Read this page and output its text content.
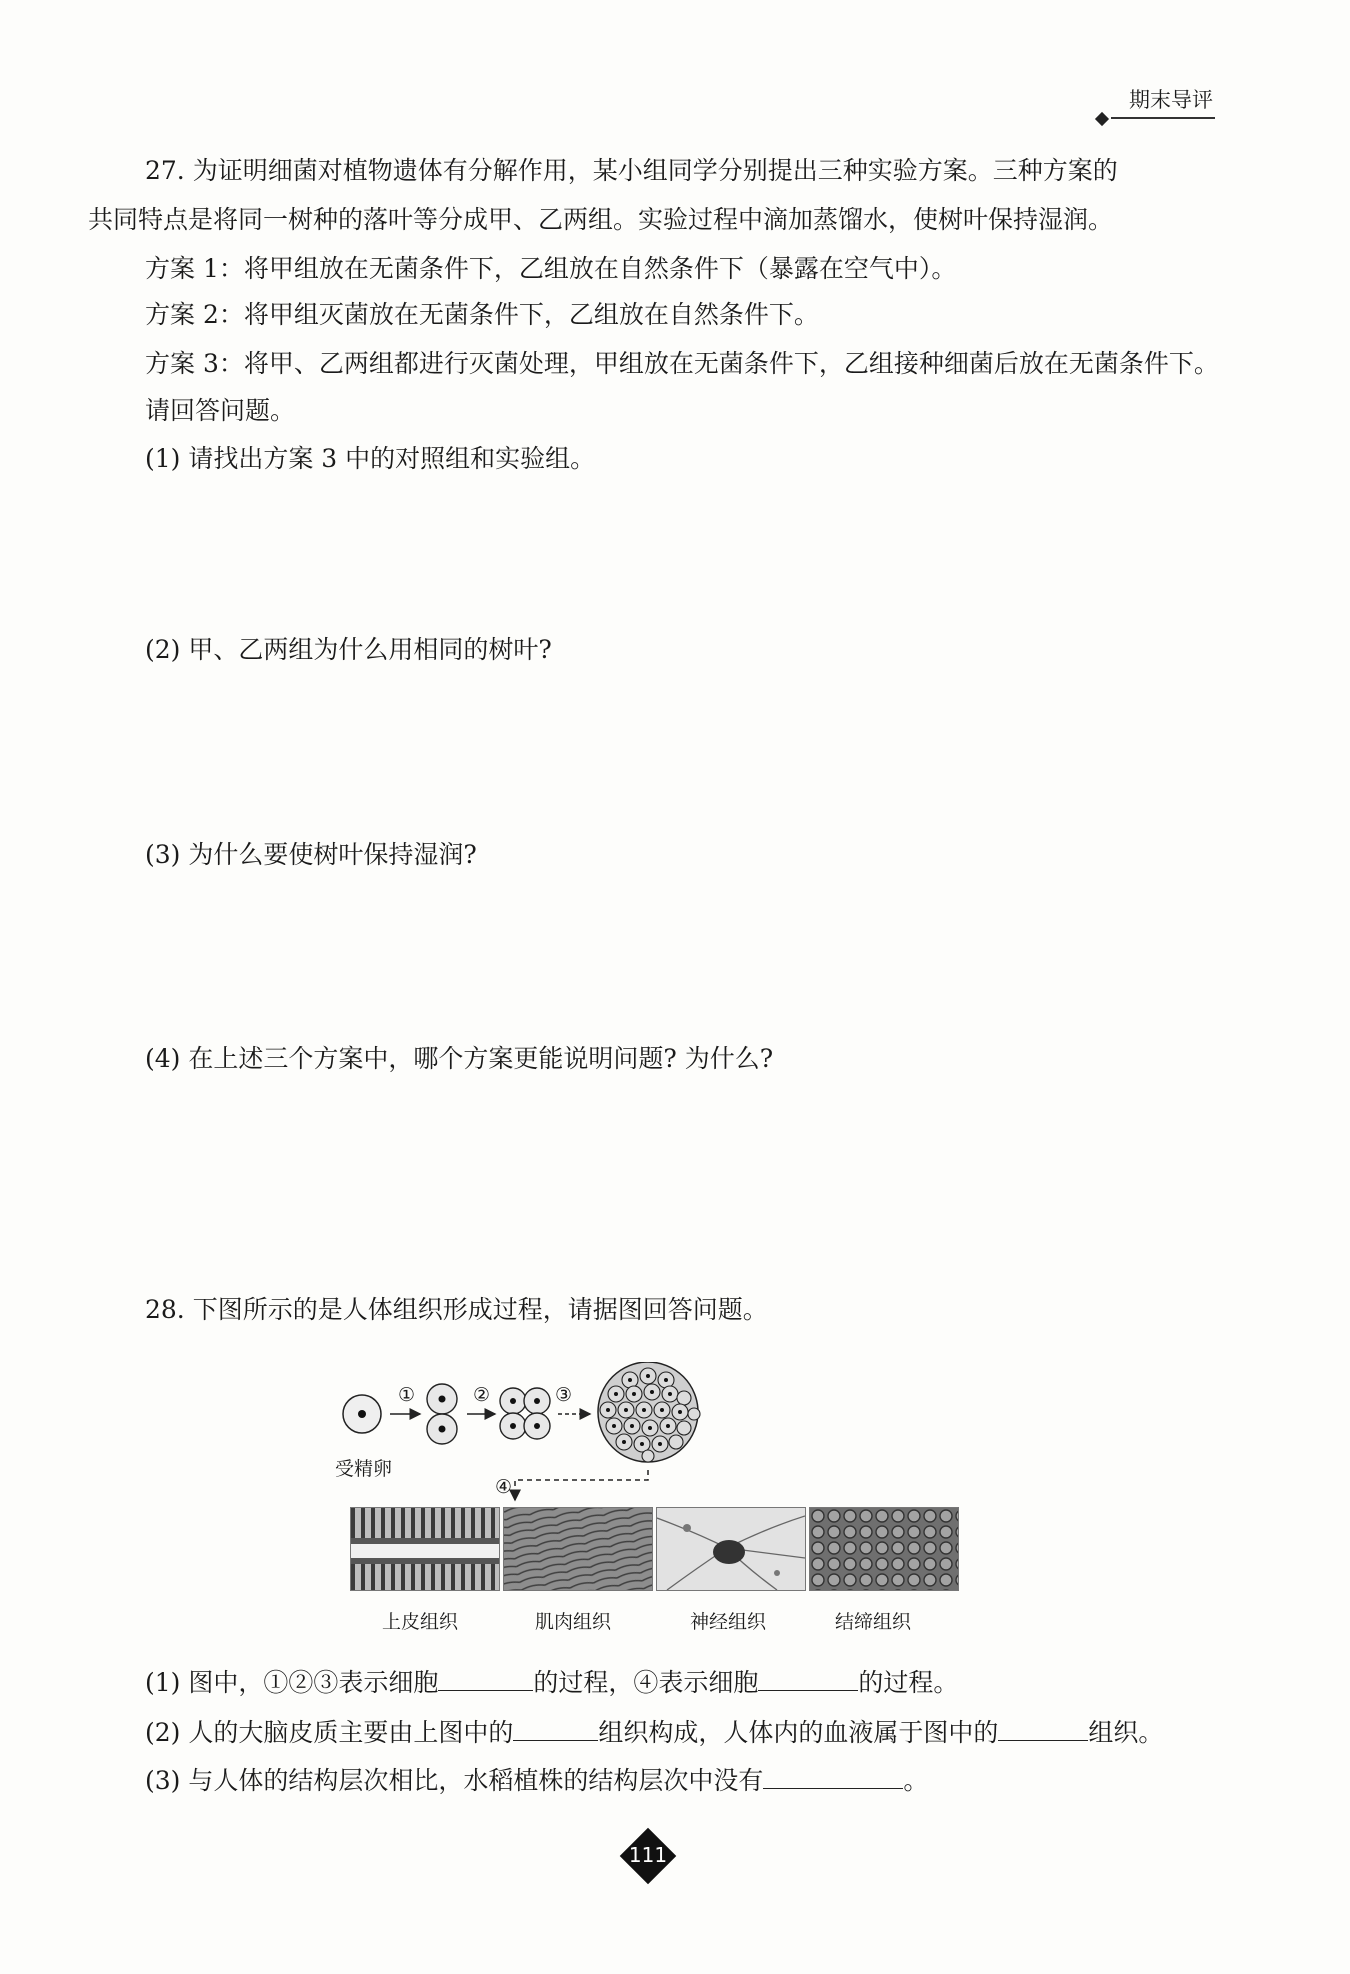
期末导评
27. 为证明细菌对植物遗体有分解作用，某小组同学分别提出三种实验方案。三种方案的
共同特点是将同一树种的落叶等分成甲、乙两组。实验过程中滴加蒸馏水，使树叶保持湿润。
方案 1：将甲组放在无菌条件下，乙组放在自然条件下（暴露在空气中）。
方案 2：将甲组灭菌放在无菌条件下，乙组放在自然条件下。
方案 3：将甲、乙两组都进行灭菌处理，甲组放在无菌条件下，乙组接种细菌后放在无菌条件下。
请回答问题。
(1) 请找出方案 3 中的对照组和实验组。
(2) 甲、乙两组为什么用相同的树叶?
(3) 为什么要使树叶保持湿润?
(4) 在上述三个方案中，哪个方案更能说明问题? 为什么?
28. 下图所示的是人体组织形成过程，请据图回答问题。
①	②	③
④
受精卵
上皮组织	肌肉组织	神经组织	结缔组织
(1) 图中，①②③表示细胞	的过程，④表示细胞	的过程。
(2) 人的大脑皮质主要由上图中的	组织构成，人体内的血液属于图中的	组织。
(3) 与人体的结构层次相比，水稻植株的结构层次中没有	。
111
